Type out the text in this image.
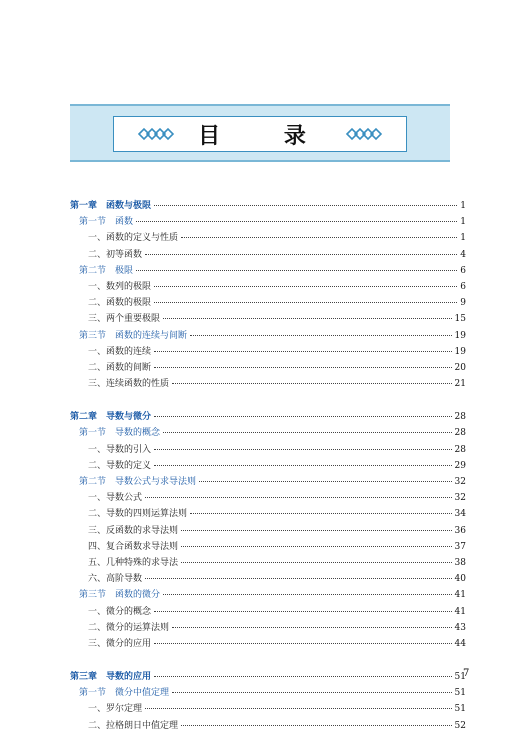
目 录
第一章　函数与极限	1
第一节　函数	1
一、函数的定义与性质	1
二、初等函数	4
第二节　极限	6
一、数列的极限	6
二、函数的极限	9
三、两个重要极限	15
第三节　函数的连续与间断	19
一、函数的连续	19
二、函数的间断	20
三、连续函数的性质	21
第二章　导数与微分	28
第一节　导数的概念	28
一、导数的引入	28
二、导数的定义	29
第二节　导数公式与求导法则	32
一、导数公式	32
二、导数的四则运算法则	34
三、反函数的求导法则	36
四、复合函数求导法则	37
五、几种特殊的求导法	38
六、高阶导数	40
第三节　函数的微分	41
一、微分的概念	41
二、微分的运算法则	43
三、微分的应用	44
第三章　导数的应用	51
第一节　微分中值定理	51
一、罗尔定理	51
二、拉格朗日中值定理	52
7
